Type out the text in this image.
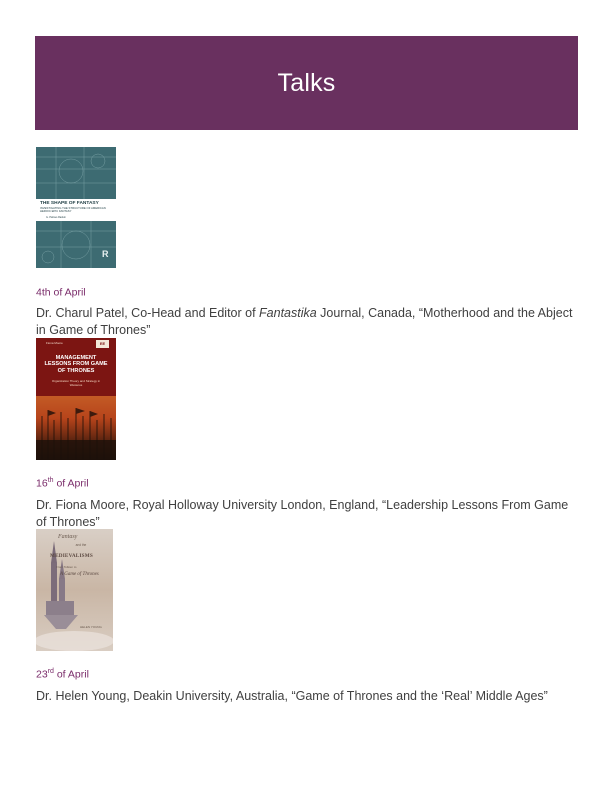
Talks
THE SHAPE OF FANTASY
INVESTIGATING THE STRUCTURE OF AMERICAN HEROIC EPIC FANTASY
G. Palmer-Rankin
R
4th of April
Dr. Charul Patel, Co-Head and Editor of Fantastika Journal, Canada, “Motherhood and the Abject in Game of Thrones”
Fiona Moore	EE
MANAGEMENT LESSONS FROM GAME OF THRONES
Organization Theory and Strategy in Westeros
16th of April
Dr. Fiona Moore, Royal Holloway University London, England, “Leadership Lessons From Game of Thrones”
Fantasy
and the
MEDIEVALISMS
From Tolkien to
A Game of Thrones
HELEN YOUNG
23rd of April
Dr. Helen Young, Deakin University, Australia, “Game of Thrones and the ‘Real’ Middle Ages”
